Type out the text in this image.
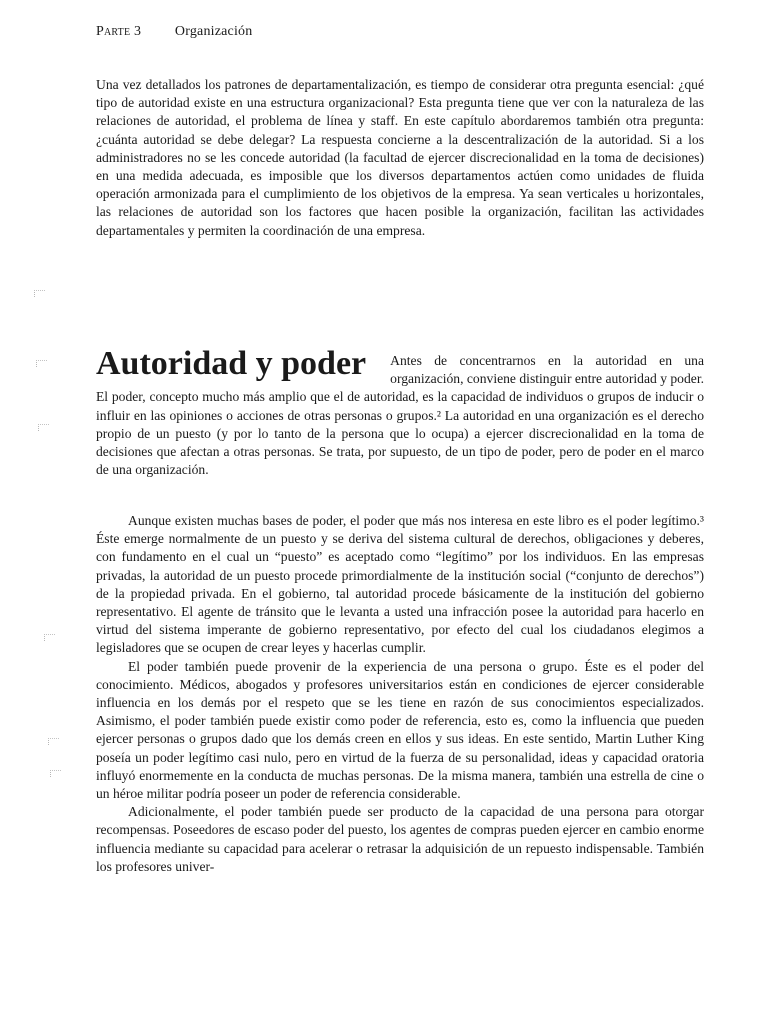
Parte 3 Organización

Una vez detallados los patrones de departamentalización, es tiempo de considerar otra pregunta esencial: ¿qué tipo de autoridad existe en una estructura organizacional? Esta pregunta tiene que ver con la naturaleza de las relaciones de autoridad, el problema de línea y staff. En este capítulo abordaremos también otra pregunta: ¿cuánta autoridad se debe delegar? La respuesta concierne a la descentralización de la autoridad. Si a los administradores no se les concede autoridad (la facultad de ejercer discrecionalidad en la toma de decisiones) en una medida adecuada, es imposible que los diversos departamentos actúen como unidades de fluida operación armonizada para el cumplimiento de los objetivos de la empresa. Ya sean verticales u horizontales, las relaciones de autoridad son los factores que hacen posible la organización, facilitan las actividades departamentales y permiten la coordinación de una empresa.

Autoridad y poder	Antes de concentrarnos en la autoridad en una organización, conviene distinguir entre autoridad y poder. El poder, concepto mucho más amplio que el de autoridad, es la capacidad de individuos o grupos de inducir o influir en las opiniones o acciones de otras personas o grupos.² La autoridad en una organización es el derecho propio de un puesto (y por lo tanto de la persona que lo ocupa) a ejercer discrecionalidad en la toma de decisiones que afectan a otras personas. Se trata, por supuesto, de un tipo de poder, pero de poder en el marco de una organización.

Aunque existen muchas bases de poder, el poder que más nos interesa en este libro es el poder legítimo.³ Éste emerge normalmente de un puesto y se deriva del sistema cultural de derechos, obligaciones y deberes, con fundamento en el cual un “puesto” es aceptado como “legítimo” por los individuos. En las empresas privadas, la autoridad de un puesto procede primordialmente de la institución social (“conjunto de derechos”) de la propiedad privada. En el gobierno, tal autoridad procede básicamente de la institución del gobierno representativo. El agente de tránsito que le levanta a usted una infracción posee la autoridad para hacerlo en virtud del sistema imperante de gobierno representativo, por efecto del cual los ciudadanos elegimos a legisladores que se ocupen de crear leyes y hacerlas cumplir.

El poder también puede provenir de la experiencia de una persona o grupo. Éste es el poder del conocimiento. Médicos, abogados y profesores universitarios están en condiciones de ejercer considerable influencia en los demás por el respeto que se les tiene en razón de sus conocimientos especializados. Asimismo, el poder también puede existir como poder de referencia, esto es, como la influencia que pueden ejercer personas o grupos dado que los demás creen en ellos y sus ideas. En este sentido, Martin Luther King poseía un poder legítimo casi nulo, pero en virtud de la fuerza de su personalidad, ideas y capacidad oratoria influyó enormemente en la conducta de muchas personas. De la misma manera, también una estrella de cine o un héroe militar podría poseer un poder de referencia considerable.

Adicionalmente, el poder también puede ser producto de la capacidad de una persona para otorgar recompensas. Poseedores de escaso poder del puesto, los agentes de compras pueden ejercer en cambio enorme influencia mediante su capacidad para acelerar o retrasar la adquisición de un repuesto indispensable. También los profesores univer-
